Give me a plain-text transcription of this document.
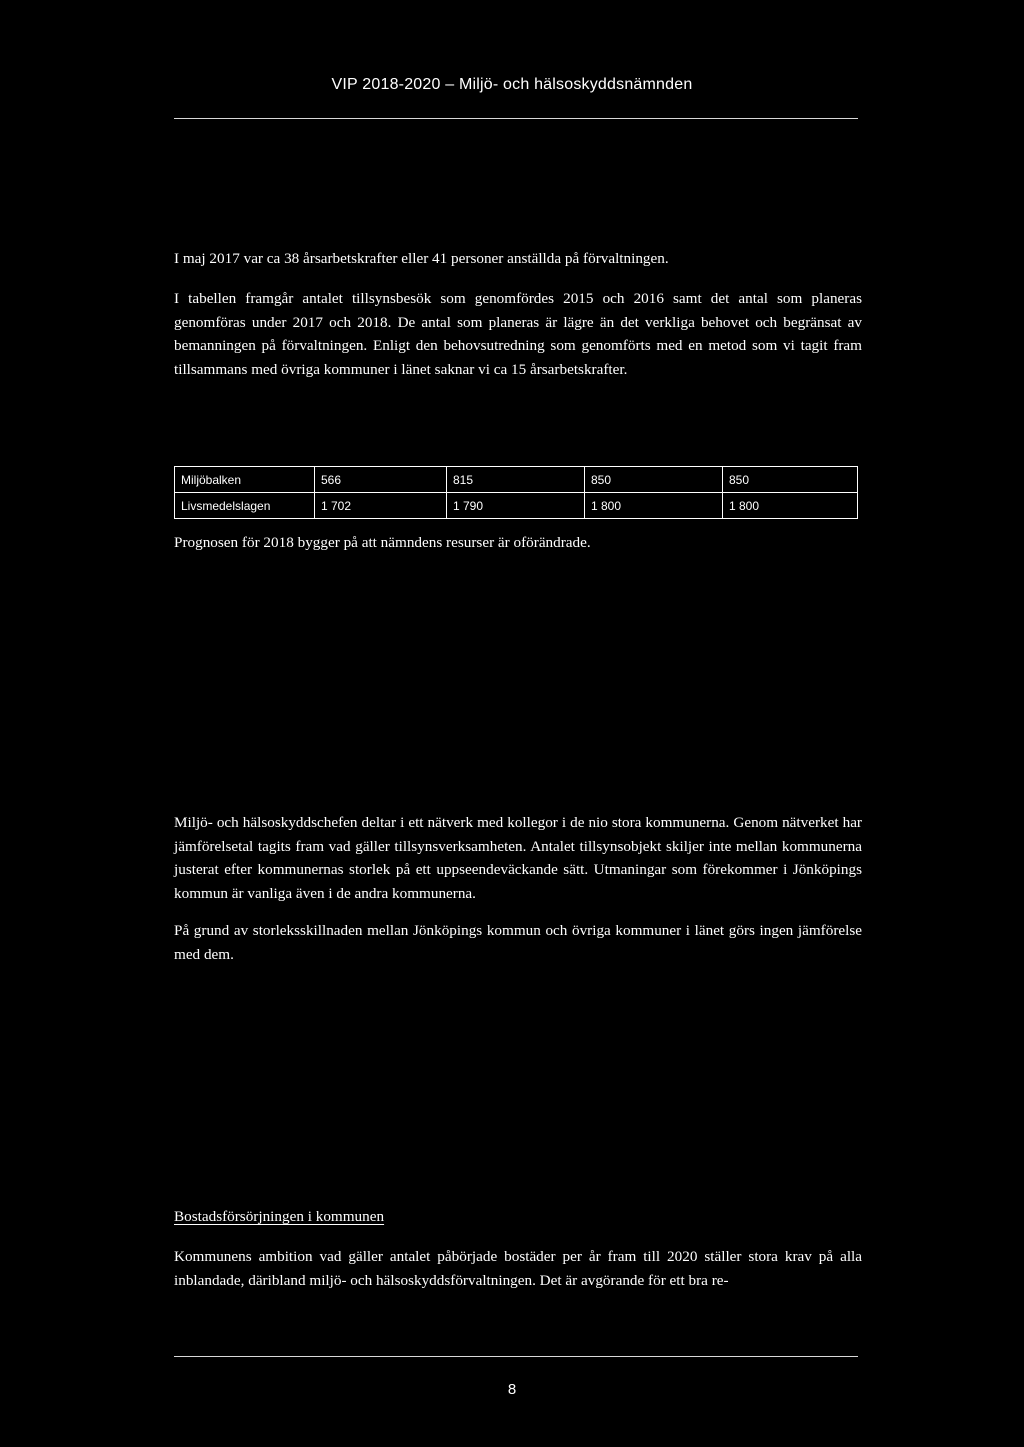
VIP 2018-2020 – Miljö- och hälsoskyddsnämnden

I maj 2017 var ca 38 årsarbetskrafter eller 41 personer anställda på förvaltningen.

I tabellen framgår antalet tillsynsbesök som genomfördes 2015 och 2016 samt det antal som planeras genomföras under 2017 och 2018. De antal som planeras är lägre än det verkliga behovet och begränsat av bemanningen på förvaltningen. Enligt den behovsutredning som genomförts med en metod som vi tagit fram tillsammans med övriga kommuner i länet saknar vi ca 15 årsarbetskrafter.

Miljöbalken	566	815	850	850
Livsmedelslagen	1 702	1 790	1 800	1 800

Prognosen för 2018 bygger på att nämndens resurser är oförändrade.

Miljö- och hälsoskyddschefen deltar i ett nätverk med kollegor i de nio stora kommunerna. Genom nätverket har jämförelsetal tagits fram vad gäller tillsynsverksamheten. Antalet tillsynsobjekt skiljer inte mellan kommunerna justerat efter kommunernas storlek på ett uppseendeväckande sätt. Utmaningar som förekommer i Jönköpings kommun är vanliga även i de andra kommunerna.

På grund av storleksskillnaden mellan Jönköpings kommun och övriga kommuner i länet görs ingen jämförelse med dem.

Bostadsförsörjningen i kommunen

Kommunens ambition vad gäller antalet påbörjade bostäder per år fram till 2020 ställer stora krav på alla inblandade, däribland miljö- och hälsoskyddsförvaltningen. Det är avgörande för ett bra re-

8
